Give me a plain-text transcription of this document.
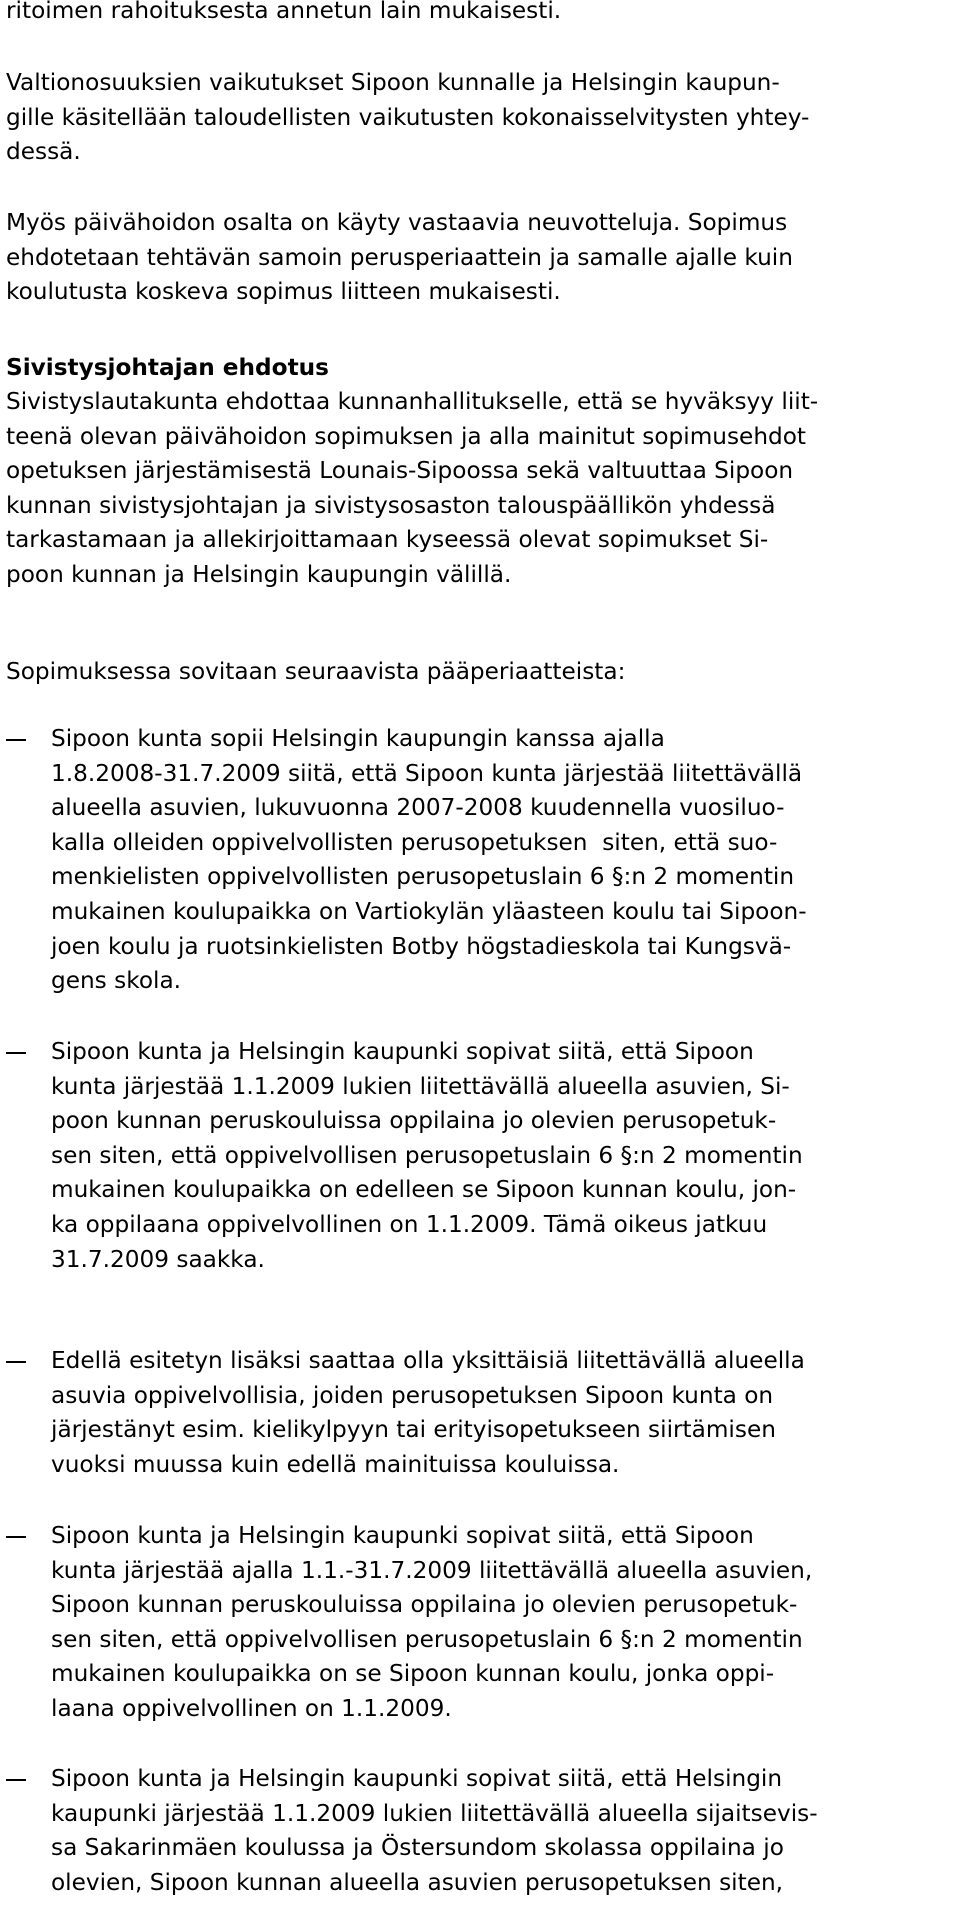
ritoimen rahoituksesta annetun lain mukaisesti.

Valtionosuuksien vaikutukset Sipoon kunnalle ja Helsingin kaupun-
gille käsitellään taloudellisten vaikutusten kokonaisselvitysten yhtey-
dessä.

Myös päivähoidon osalta on käyty vastaavia neuvotteluja. Sopimus
ehdotetaan tehtävän samoin perusperiaattein ja samalle ajalle kuin
koulutusta koskeva sopimus liitteen mukaisesti.

Sivistysjohtajan ehdotus

Sivistyslautakunta ehdottaa kunnanhallitukselle, että se hyväksyy liit-
teenä olevan päivähoidon sopimuksen ja alla mainitut sopimusehdot
opetuksen järjestämisestä Lounais-Sipoossa sekä valtuuttaa Sipoon
kunnan sivistysjohtajan ja sivistysosaston talouspäällikön yhdessä
tarkastamaan ja allekirjoittamaan kyseessä olevat sopimukset Si-
poon kunnan ja Helsingin kaupungin välillä.

Sopimuksessa sovitaan seuraavista pääperiaatteista:

Sipoon kunta sopii Helsingin kaupungin kanssa ajalla
1.8.2008-31.7.2009 siitä, että Sipoon kunta järjestää liitettävällä
alueella asuvien, lukuvuonna 2007-2008 kuudennella vuosiluo-
kalla olleiden oppivelvollisten perusopetuksen  siten, että suo-
menkielisten oppivelvollisten perusopetuslain 6 §:n 2 momentin
mukainen koulupaikka on Vartiokylän yläasteen koulu tai Sipoon-
joen koulu ja ruotsinkielisten Botby högstadieskola tai Kungsvä-
gens skola.

Sipoon kunta ja Helsingin kaupunki sopivat siitä, että Sipoon
kunta järjestää 1.1.2009 lukien liitettävällä alueella asuvien, Si-
poon kunnan peruskouluissa oppilaina jo olevien perusopetuk-
sen siten, että oppivelvollisen perusopetuslain 6 §:n 2 momentin
mukainen koulupaikka on edelleen se Sipoon kunnan koulu, jon-
ka oppilaana oppivelvollinen on 1.1.2009. Tämä oikeus jatkuu
31.7.2009 saakka.

Edellä esitetyn lisäksi saattaa olla yksittäisiä liitettävällä alueella
asuvia oppivelvollisia, joiden perusopetuksen Sipoon kunta on
järjestänyt esim. kielikylpyyn tai erityisopetukseen siirtämisen
vuoksi muussa kuin edellä mainituissa kouluissa.

Sipoon kunta ja Helsingin kaupunki sopivat siitä, että Sipoon
kunta järjestää ajalla 1.1.-31.7.2009 liitettävällä alueella asuvien,
Sipoon kunnan peruskouluissa oppilaina jo olevien perusopetuk-
sen siten, että oppivelvollisen perusopetuslain 6 §:n 2 momentin
mukainen koulupaikka on se Sipoon kunnan koulu, jonka oppi-
laana oppivelvollinen on 1.1.2009.

Sipoon kunta ja Helsingin kaupunki sopivat siitä, että Helsingin
kaupunki järjestää 1.1.2009 lukien liitettävällä alueella sijaitsevis-
sa Sakarinmäen koulussa ja Östersundom skolassa oppilaina jo
olevien, Sipoon kunnan alueella asuvien perusopetuksen siten,
